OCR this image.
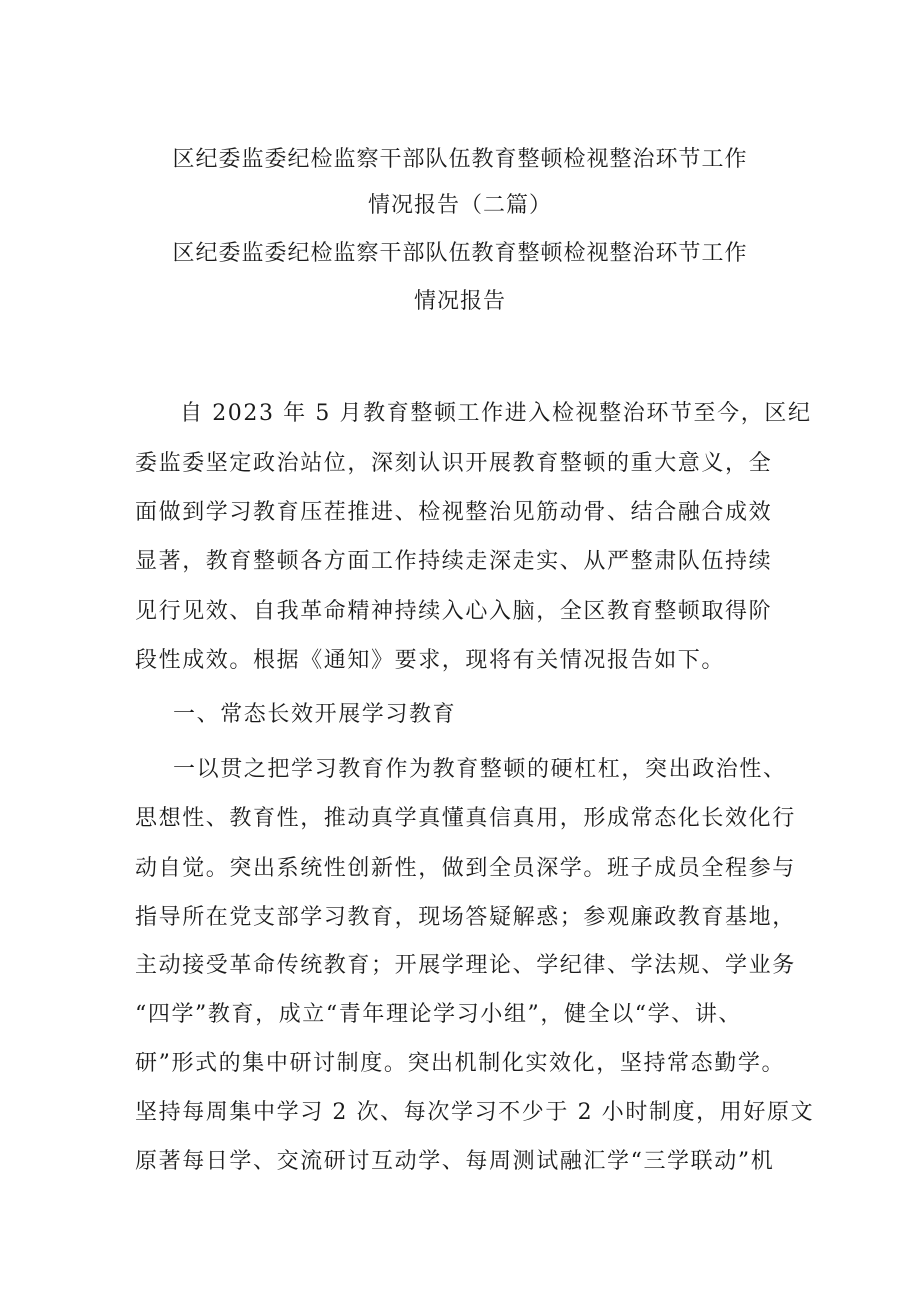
区纪委监委纪检监察干部队伍教育整顿检视整治环节工作
情况报告（二篇）
区纪委监委纪检监察干部队伍教育整顿检视整治环节工作
情况报告
自 2023 年 5 月教育整顿工作进入检视整治环节至今，区纪
委监委坚定政治站位，深刻认识开展教育整顿的重大意义，全
面做到学习教育压茬推进、检视整治见筋动骨、结合融合成效
显著，教育整顿各方面工作持续走深走实、从严整肃队伍持续
见行见效、自我革命精神持续入心入脑，全区教育整顿取得阶
段性成效。根据《通知》要求，现将有关情况报告如下。
一、常态长效开展学习教育
一以贯之把学习教育作为教育整顿的硬杠杠，突出政治性、
思想性、教育性，推动真学真懂真信真用，形成常态化长效化行
动自觉。突出系统性创新性，做到全员深学。班子成员全程参与
指导所在党支部学习教育，现场答疑解惑；参观廉政教育基地，
主动接受革命传统教育；开展学理论、学纪律、学法规、学业务
“四学”教育，成立“青年理论学习小组”，健全以“学、讲、
研”形式的集中研讨制度。突出机制化实效化，坚持常态勤学。
坚持每周集中学习 2 次、每次学习不少于 2 小时制度，用好原文
原著每日学、交流研讨互动学、每周测试融汇学“三学联动”机
